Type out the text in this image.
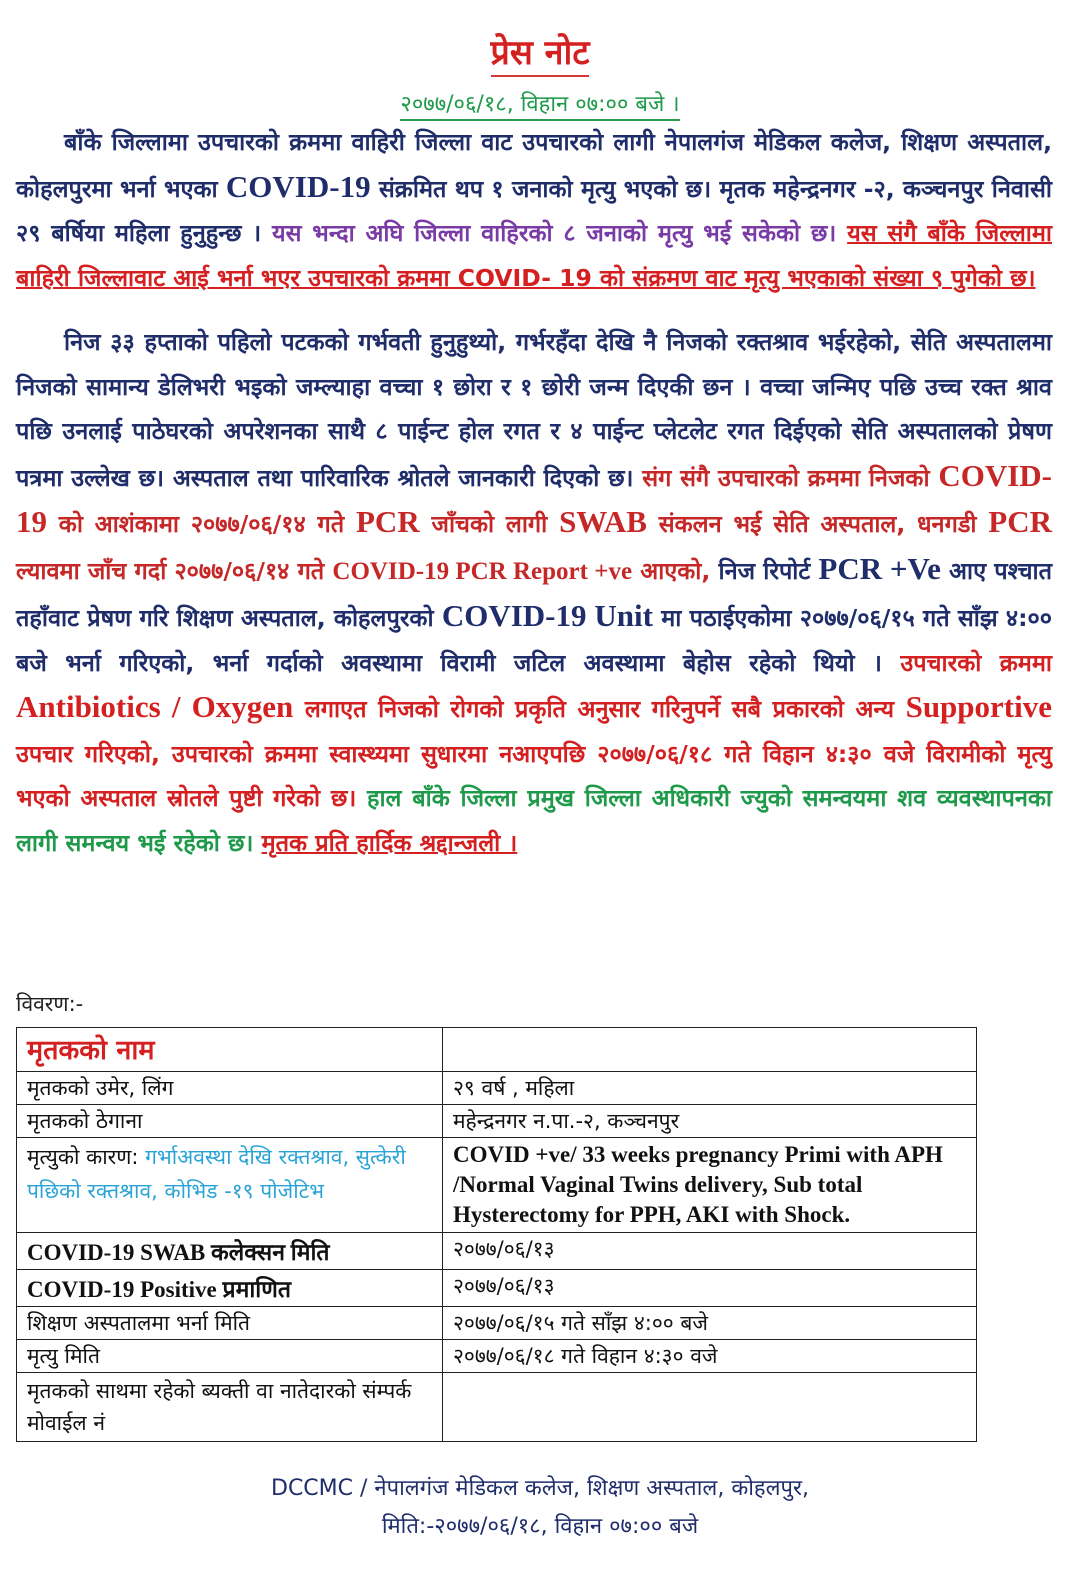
प्रेस नोट
२०७७/०६/१८, विहान ०७:०० बजे ।
बाँके जिल्लामा उपचारको क्रममा वाहिरी जिल्ला वाट उपचारको लागी नेपालगंज मेडिकल कलेज, शिक्षण अस्पताल, कोहलपुरमा भर्ना भएका COVID-19 संक्रमित थप १ जनाको मृत्यु भएको छ। मृतक महेन्द्रनगर -२, कञ्चनपुर निवासी २९ बर्षिया महिला हुनुहुन्छ । यस भन्दा अघि जिल्ला वाहिरको ८ जनाको मृत्यु भई सकेको छ। यस संगै बाँके जिल्लामा बाहिरी जिल्लावाट आई भर्ना भएर उपचारको क्रममा COVID- 19 को संक्रमण वाट मृत्यु भएकाको संख्या ९ पुगेको छ।
निज ३३ हप्ताको पहिलो पटकको गर्भवती हुनुहुथ्यो, गर्भरहँदा देखि नै निजको रक्तश्राव भईरहेको, सेति अस्पतालमा निजको सामान्य डेलिभरी भइको जम्ल्याहा वच्चा १ छोरा र १ छोरी जन्म दिएकी छन । वच्चा जन्मिए पछि उच्च रक्त श्राव पछि उनलाई पाठेघरको अपरेशनका साथै ८ पाईन्ट होल रगत र ४ पाईन्ट प्लेटलेट रगत दिईएको सेति अस्पतालको प्रेषण पत्रमा उल्लेख छ। अस्पताल तथा पारिवारिक श्रोतले जानकारी दिएको छ। संग संगै उपचारको क्रममा निजको COVID-19 को आशंकामा २०७७/०६/१४ गते PCR जाँचको लागी SWAB संकलन भई सेति अस्पताल, धनगडी PCR ल्यावमा जाँच गर्दा २०७७/०६/१४ गते COVID-19 PCR Report +ve आएको, निज रिपोर्ट PCR +Ve आए पश्चात तहाँवाट प्रेषण गरि शिक्षण अस्पताल, कोहलपुरको COVID-19 Unit मा पठाईएकोमा २०७७/०६/१५ गते साँझ ४:०० बजे भर्ना गरिएको, भर्ना गर्दाको अवस्थामा विरामी जटिल अवस्थामा बेहोस रहेको थियो । उपचारको क्रममा Antibiotics / Oxygen लगाएत निजको रोगको प्रकृति अनुसार गरिनुपर्ने सबै प्रकारको अन्य Supportive उपचार गरिएको, उपचारको क्रममा स्वास्थ्यमा सुधारमा नआएपछि २०७७/०६/१८ गते विहान ४:३० वजे विरामीको मृत्यु भएको अस्पताल स्रोतले पुष्टी गरेको छ। हाल बाँके जिल्ला प्रमुख जिल्ला अधिकारी ज्युको समन्वयमा शव व्यवस्थापनका लागी समन्वय भई रहेको छ। मृतक प्रति हार्दिक श्रद्दान्जली ।
विवरण:-
मृतकको नाम	
मृतकको उमेर, लिंग	२९ वर्ष , महिला
मृतकको ठेगाना	महेन्द्रनगर न.पा.-२, कञ्चनपुर
मृत्युको कारण: गर्भाअवस्था देखि रक्तश्राव, सुत्केरी पछिको रक्तश्राव, कोभिड -१९ पोजेटिभ	COVID +ve/ 33 weeks pregnancy Primi with APH /Normal Vaginal Twins delivery, Sub total Hysterectomy for PPH, AKI with Shock.
COVID-19 SWAB कलेक्सन मिति	२०७७/०६/१३
COVID-19 Positive प्रमाणित	२०७७/०६/१३
शिक्षण अस्पतालमा भर्ना मिति	२०७७/०६/१५ गते साँझ ४:०० बजे
मृत्यु मिति	२०७७/०६/१८ गते विहान ४:३० वजे
मृतकको साथमा रहेको ब्यक्ती वा नातेदारको संम्पर्क मोवाईल नं	
DCCMC / नेपालगंज मेडिकल कलेज, शिक्षण अस्पताल, कोहलपुर,
मिति:-२०७७/०६/१८, विहान ०७:०० बजे
